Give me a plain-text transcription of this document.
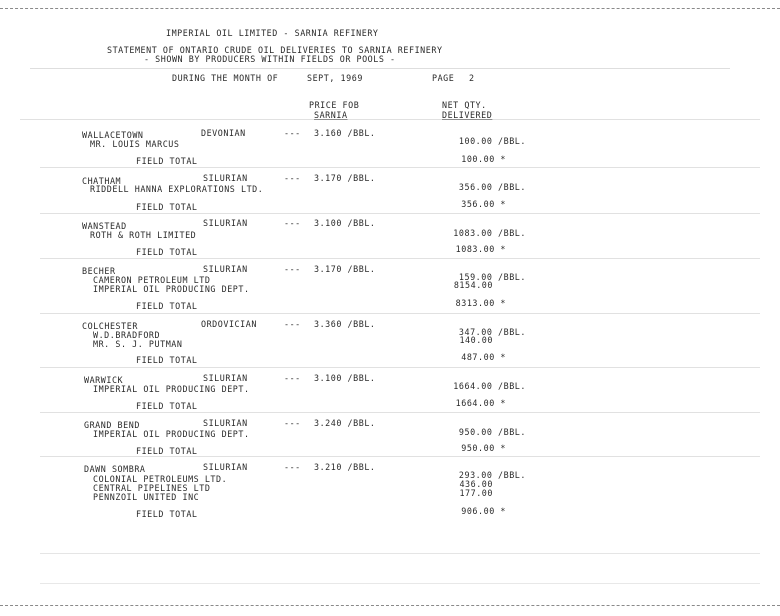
IMPERIAL OIL LIMITED - SARNIA REFINERY
STATEMENT OF ONTARIO CRUDE OIL DELIVERIES TO SARNIA REFINERY
- SHOWN BY PRODUCERS WITHIN FIELDS OR POOLS -
DURING THE MONTH OF	SEPT, 1969	PAGE 2
PRICE FOB
SARNIA
NET QTY.
DELIVERED
WALLACETOWN	DEVONIAN	--- 3.160 /BBL.
MR. LOUIS MARCUS	100.00 /BBL.
FIELD TOTAL	100.00 *
CHATHAM	SILURIAN	--- 3.170 /BBL.
RIDDELL HANNA EXPLORATIONS LTD.	356.00 /BBL.
FIELD TOTAL	356.00 *
WANSTEAD	SILURIAN	--- 3.100 /BBL.
ROTH & ROTH LIMITED	1083.00 /BBL.
FIELD TOTAL	1083.00 *
BECHER	SILURIAN	--- 3.170 /BBL.
CAMERON PETROLEUM LTD	159.00 /BBL.
IMPERIAL OIL PRODUCING DEPT.	8154.00
FIELD TOTAL	8313.00 *
COLCHESTER	ORDOVICIAN	--- 3.360 /BBL.
W.D.BRADFORD	347.00 /BBL.
MR. S. J. PUTMAN	140.00
FIELD TOTAL	487.00 *
WARWICK	SILURIAN	--- 3.100 /BBL.
IMPERIAL OIL PRODUCING DEPT.	1664.00 /BBL.
FIELD TOTAL	1664.00 *
GRAND BEND	SILURIAN	--- 3.240 /BBL.
IMPERIAL OIL PRODUCING DEPT.	950.00 /BBL.
FIELD TOTAL	950.00 *
DAWN SOMBRA	SILURIAN	--- 3.210 /BBL.
COLONIAL PETROLEUMS LTD.	293.00 /BBL.
CENTRAL PIPELINES LTD	436.00
PENNZOIL UNITED INC	177.00
FIELD TOTAL	906.00 *
